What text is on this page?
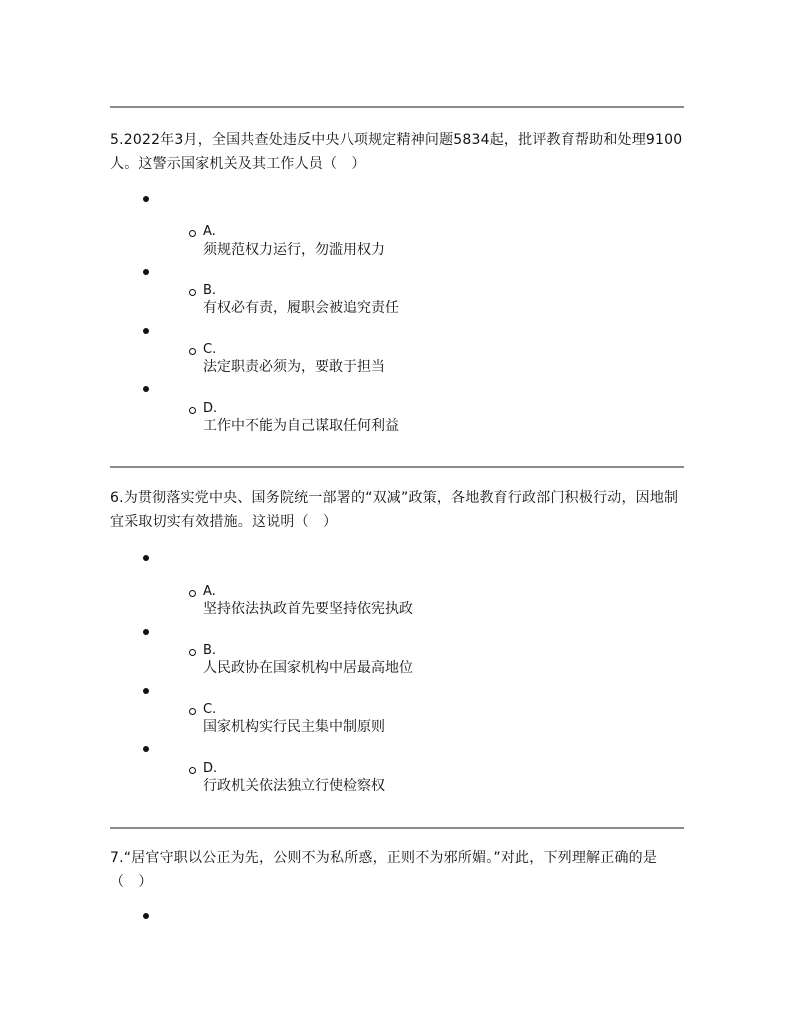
5.2022年3月，全国共查处违反中央八项规定精神问题5834起，批评教育帮助和处理9100人。这警示国家机关及其工作人员（　）
A.
须规范权力运行，勿滥用权力
B.
有权必有责，履职会被追究责任
C.
法定职责必须为，要敢于担当
D.
工作中不能为自己谋取任何利益
6.为贯彻落实党中央、国务院统一部署的“双减”政策，各地教育行政部门积极行动，因地制宜采取切实有效措施。这说明（　）
A.
坚持依法执政首先要坚持依宪执政
B.
人民政协在国家机构中居最高地位
C.
国家机构实行民主集中制原则
D.
行政机关依法独立行使检察权
7.“居官守职以公正为先，公则不为私所惑，正则不为邪所媚。”对此，下列理解正确的是（　）
